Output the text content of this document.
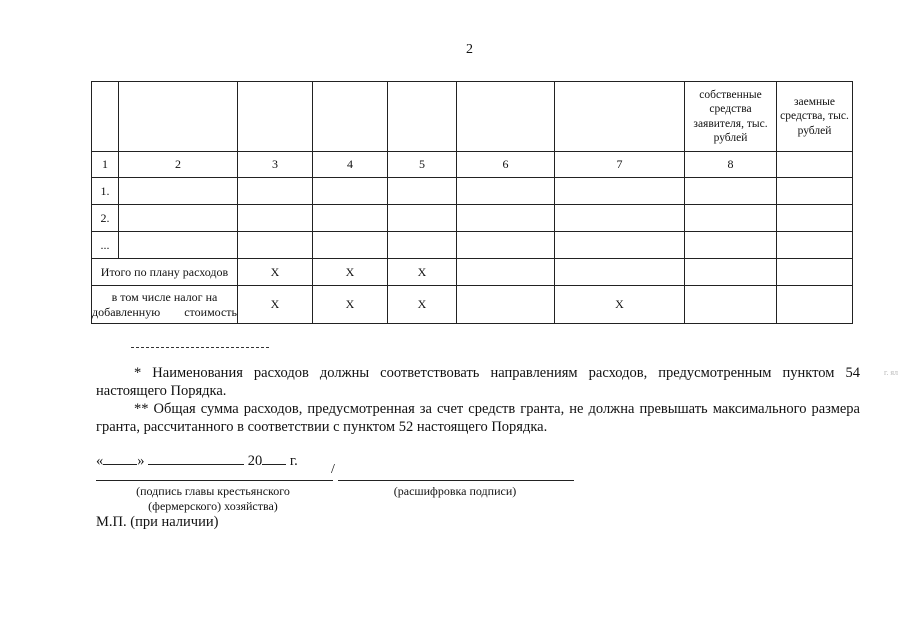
2
							собственные средства заявителя, тыс. рублей	заемные средства, тыс. рублей
1	2	3	4	5	6	7	8	
1.								
2.								
...								
Итого по плану расходов		X	X	X				
в том числе налог на добавленную стоимость		X	X	X		X		

* Наименования расходов должны соответствовать направлениям расходов, предусмотренным пунктом 54 настоящего Порядка.

** Общая сумма расходов, предусмотренная за счет средств гранта, не должна превышать максимального размера гранта, рассчитанного в соответствии с пунктом 52 настоящего Порядка.

г. ял
« »	20 г.
/
(подпись главы крестьянского (фермерского) хозяйства)
(расшифровка подписи)
М.П. (при наличии)
